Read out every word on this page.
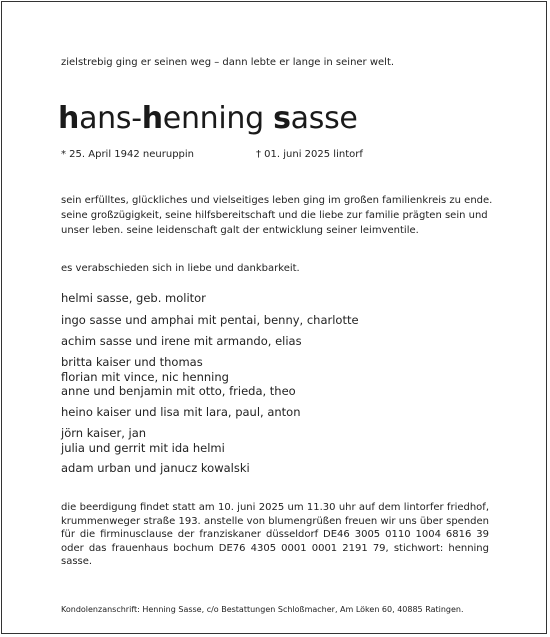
zielstrebig ging er seinen weg – dann lebte er lange in seiner welt.
hans-henning sasse
* 25. April 1942 neuruppin	† 01. juni 2025 lintorf
sein erfülltes, glückliches und vielseitiges leben ging im großen familienkreis zu ende.
seine großzügigkeit, seine hilfsbereitschaft und die liebe zur familie prägten sein und
unser leben. seine leidenschaft galt der entwicklung seiner leimventile.
es verabschieden sich in liebe und dankbarkeit.
helmi sasse, geb. molitor
ingo sasse und amphai mit pentai, benny, charlotte
achim sasse und irene mit armando, elias
britta kaiser und thomas
florian mit vince, nic henning
anne und benjamin mit otto, frieda, theo
heino kaiser und lisa mit lara, paul, anton
jörn kaiser, jan
julia und gerrit mit ida helmi
adam urban und janucz kowalski

die beerdigung findet statt am 10. juni 2025 um 11.30 uhr auf dem lintorfer friedhof, krummenweger straße 193. anstelle von blumengrüßen freuen wir uns über spenden für die firminusclause der franziskaner düsseldorf DE46 3005 0110 1004 6816 39 oder das frauenhaus bochum DE76 4305 0001 0001 2191 79, stichwort: henning sasse.

Kondolenzanschrift: Henning Sasse, c/o Bestattungen Schloßmacher, Am Löken 60, 40885 Ratingen.
